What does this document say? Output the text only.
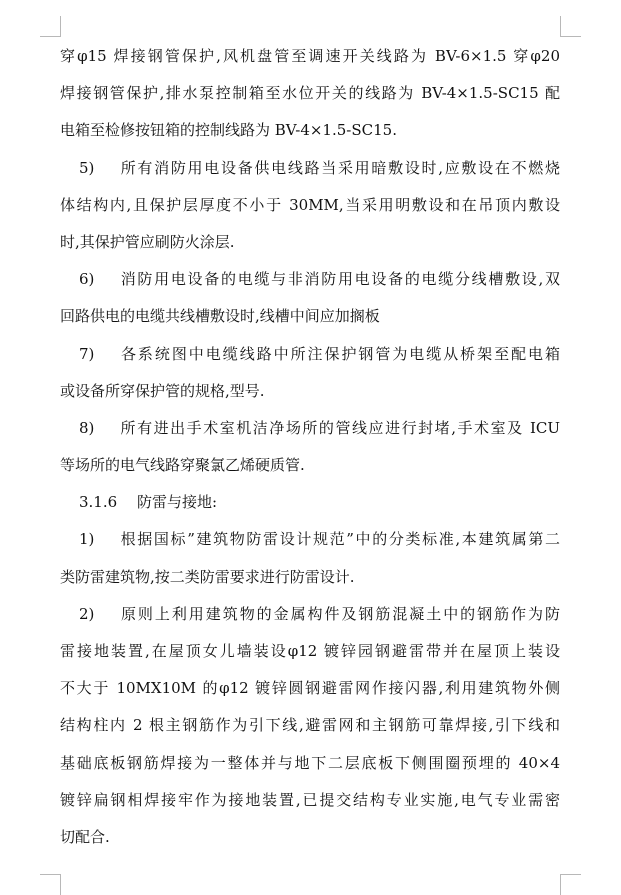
穿φ15 焊接钢管保护,风机盘管至调速开关线路为 BV-6×1.5 穿φ20
焊接钢管保护,排水泵控制箱至水位开关的线路为 BV-4×1.5-SC15 配
电箱至检修按钮箱的控制线路为 BV-4×1.5-SC15.
5) 所有消防用电设备供电线路当采用暗敷设时,应敷设在不燃烧
体结构内,且保护层厚度不小于 30MM,当采用明敷设和在吊顶内敷设
时,其保护管应刷防火涂层.
6) 消防用电设备的电缆与非消防用电设备的电缆分线槽敷设,双
回路供电的电缆共线槽敷设时,线槽中间应加搁板
7) 各系统图中电缆线路中所注保护钢管为电缆从桥架至配电箱
或设备所穿保护管的规格,型号.
8) 所有进出手术室机洁净场所的管线应进行封堵,手术室及 ICU
等场所的电气线路穿聚氯乙烯硬质管.
3.1.6 防雷与接地:
1) 根据国标”建筑物防雷设计规范”中的分类标准,本建筑属第二
类防雷建筑物,按二类防雷要求进行防雷设计.
2) 原则上利用建筑物的金属构件及钢筋混凝土中的钢筋作为防
雷接地装置,在屋顶女儿墙装设φ12 镀锌园钢避雷带并在屋顶上装设
不大于 10MX10M 的φ12 镀锌圆钢避雷网作接闪器,利用建筑物外侧
结构柱内 2 根主钢筋作为引下线,避雷网和主钢筋可靠焊接,引下线和
基础底板钢筋焊接为一整体并与地下二层底板下侧围圈预埋的 40×4
镀锌扁钢相焊接牢作为接地装置,已提交结构专业实施,电气专业需密
切配合.
